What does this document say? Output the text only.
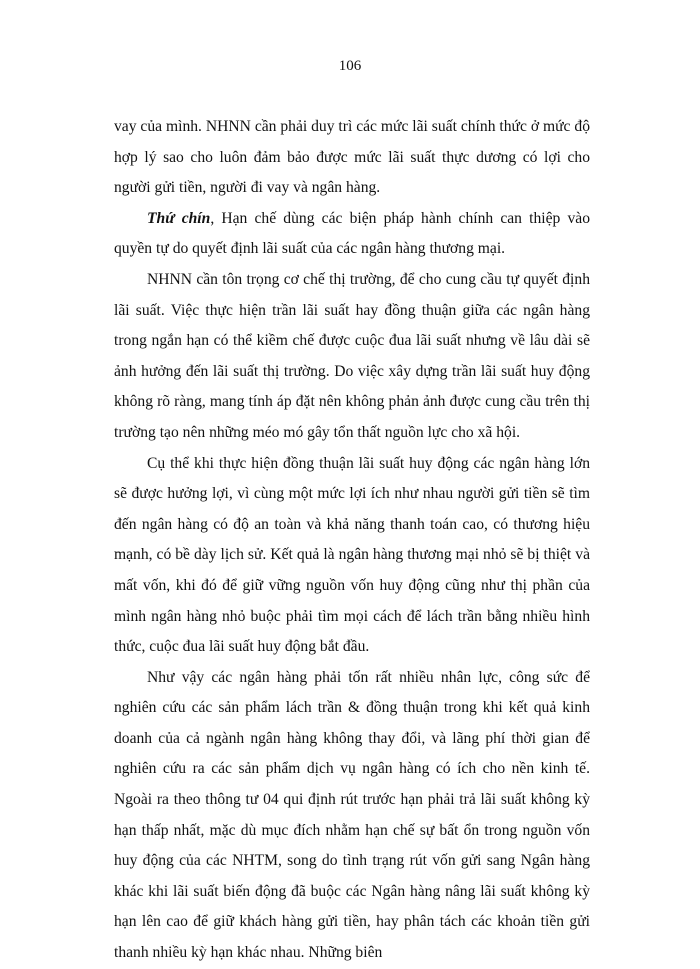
106

vay của mình. NHNN cần phải duy trì các mức lãi suất chính thức ở mức độ hợp lý sao cho luôn đảm bảo được mức lãi suất thực dương có lợi cho người gửi tiền, người đi vay và ngân hàng.

Thứ chín, Hạn chế dùng các biện pháp hành chính can thiệp vào quyền tự do quyết định lãi suất của các ngân hàng thương mại.

NHNN cần tôn trọng cơ chế thị trường, để cho cung cầu tự quyết định lãi suất. Việc thực hiện trần lãi suất hay đồng thuận giữa các ngân hàng trong ngắn hạn có thể kiềm chế được cuộc đua lãi suất nhưng về lâu dài sẽ ảnh hưởng đến lãi suất thị trường. Do việc xây dựng trần lãi suất huy động không rõ ràng, mang tính áp đặt nên không phản ảnh được cung cầu trên thị trường tạo nên những méo mó gây tổn thất nguồn lực cho xã hội.

Cụ thể khi thực hiện đồng thuận lãi suất huy động các ngân hàng lớn sẽ được hưởng lợi, vì cùng một mức lợi ích như nhau người gửi tiền sẽ tìm đến ngân hàng có độ an toàn và khả năng thanh toán cao, có thương hiệu mạnh, có bề dày lịch sử. Kết quả là ngân hàng thương mại nhỏ sẽ bị thiệt và mất vốn, khi đó để giữ vững nguồn vốn huy động cũng như thị phần của mình ngân hàng nhỏ buộc phải tìm mọi cách để lách trần bằng nhiều hình thức, cuộc đua lãi suất huy động bắt đầu.

Như vậy các ngân hàng phải tốn rất nhiều nhân lực, công sức để nghiên cứu các sản phẩm lách trần & đồng thuận trong khi kết quả kinh doanh của cả ngành ngân hàng không thay đổi, và lãng phí thời gian để nghiên cứu ra các sản phẩm dịch vụ ngân hàng có ích cho nền kinh tế. Ngoài ra theo thông tư 04 qui định rút trước hạn phải trả lãi suất không kỳ hạn thấp nhất, mặc dù mục đích nhằm hạn chế sự bất ổn trong nguồn vốn huy động của các NHTM, song do tình trạng rút vốn gửi sang Ngân hàng khác khi lãi suất biến động đã buộc các Ngân hàng nâng lãi suất không kỳ hạn lên cao để giữ khách hàng gửi tiền, hay phân tách các khoản tiền gửi thanh nhiều kỳ hạn khác nhau. Những biên
